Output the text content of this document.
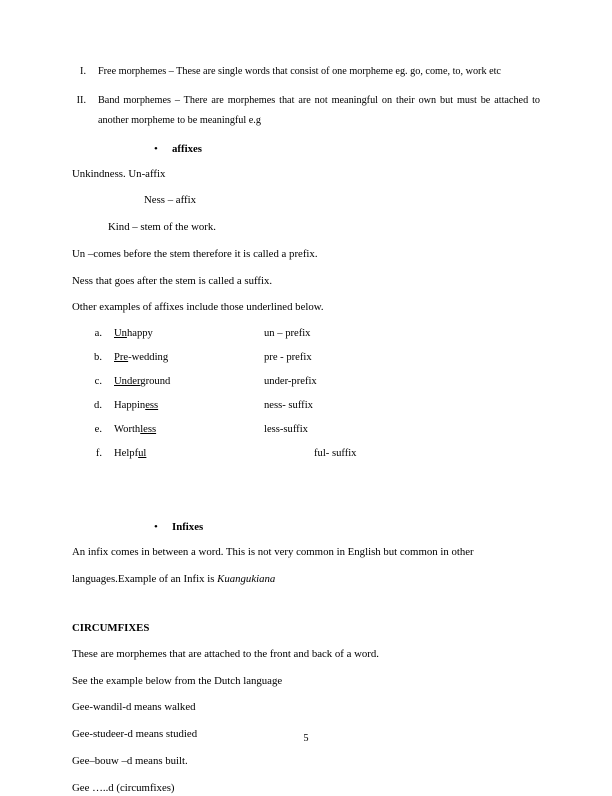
I.	Free morphemes – These are single words that consist of one morpheme eg. go, come, to, work etc
II.	Band morphemes – There are morphemes that are not meaningful on their own but must be attached to another morpheme to be meaningful e.g
• affixes

Unkindness. Un-affix

Ness – affix

Kind – stem of the work.

Un –comes before the stem therefore it is called a prefix.

Ness that goes after the stem is called a suffix.

Other examples of affixes include those underlined below.

a.	Unhappy	un – prefix
b.	Pre-wedding	pre - prefix
c.	Underground	under-prefix
d.	Happiness	ness- suffix
e.	Worthless	less-suffix
f.	Helpful	ful- suffix
• Infixes

An infix comes in between a word. This is not very common in English but common in other

languages.Example of an Infix is Kuangukiana

CIRCUMFIXES

These are morphemes that are attached to the front and back of a word.

See the example below from the Dutch language

Gee-wandil-d means walked

Gee-studeer-d means studied

Gee–bouw –d means built.

Gee …..d (circumfixes)

5
